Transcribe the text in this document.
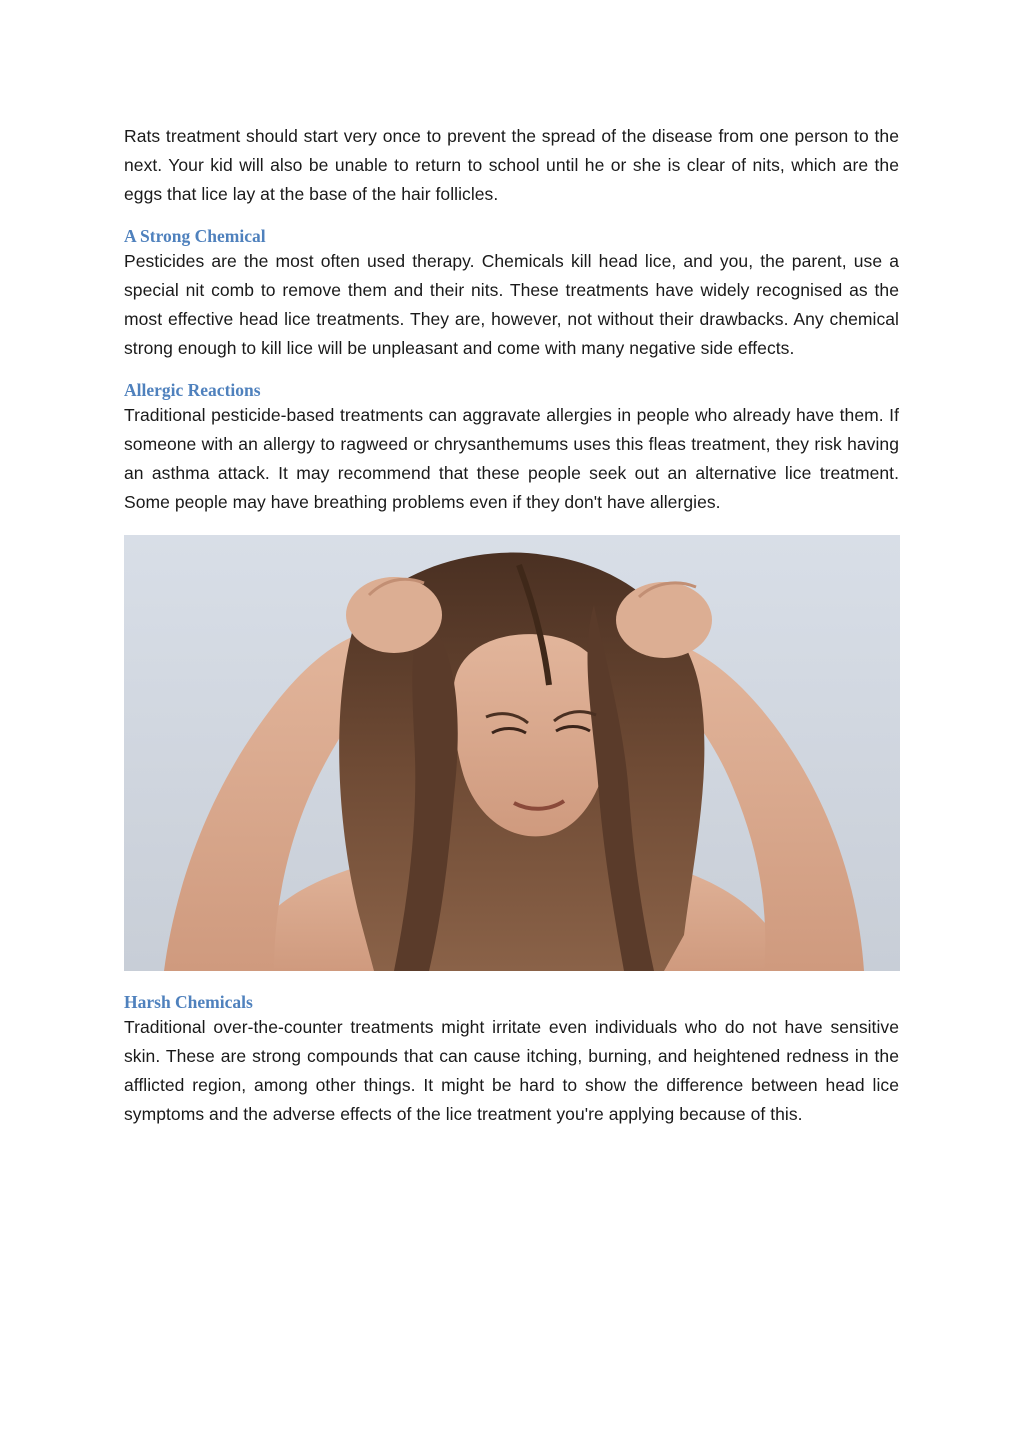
Rats treatment should start very once to prevent the spread of the disease from one person to the next. Your kid will also be unable to return to school until he or she is clear of nits, which are the eggs that lice lay at the base of the hair follicles.

A Strong Chemical

Pesticides are the most often used therapy. Chemicals kill head lice, and you, the parent, use a special nit comb to remove them and their nits. These treatments have widely recognised as the most effective head lice treatments. They are, however, not without their drawbacks. Any chemical strong enough to kill lice will be unpleasant and come with many negative side effects.

Allergic Reactions

Traditional pesticide-based treatments can aggravate allergies in people who already have them. If someone with an allergy to ragweed or chrysanthemums uses this fleas treatment, they risk having an asthma attack. It may recommend that these people seek out an alternative lice treatment. Some people may have breathing problems even if they don't have allergies.

Harsh Chemicals

Traditional over-the-counter treatments might irritate even individuals who do not have sensitive skin. These are strong compounds that can cause itching, burning, and heightened redness in the afflicted region, among other things. It might be hard to show the difference between head lice symptoms and the adverse effects of the lice treatment you're applying because of this.
